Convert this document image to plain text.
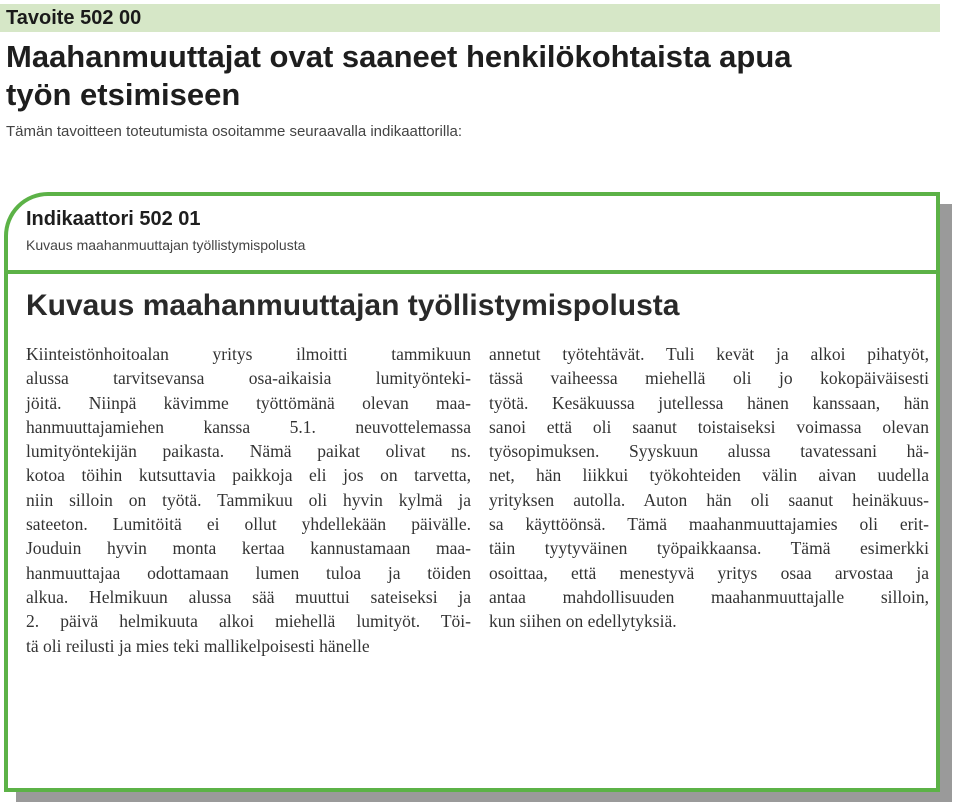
Tavoite 502 00
Maahanmuuttajat ovat saaneet henkilökohtaista apua
työn etsimiseen

Tämän tavoitteen toteutumista osoitamme seuraavalla indikaattorilla:

Indikaattori 502 01

Kuvaus maahanmuuttajan työllistymispolusta

Kuvaus maahanmuuttajan työllistymispolusta
Kiinteistönhoitoalan yritys ilmoitti tammikuun
alussa tarvitsevansa osa-aikaisia lumityönteki-
jöitä. Niinpä kävimme työttömänä olevan maa-
hanmuuttajamiehen kanssa 5.1. neuvottelemassa
lumityöntekijän paikasta. Nämä paikat olivat ns.
kotoa töihin kutsuttavia paikkoja eli jos on tarvetta,
niin silloin on työtä. Tammikuu oli hyvin kylmä ja
sateeton. Lumitöitä ei ollut yhdellekään päivälle.
Jouduin hyvin monta kertaa kannustamaan maa-
hanmuuttajaa odottamaan lumen tuloa ja töiden
alkua. Helmikuun alussa sää muuttui sateiseksi ja
2. päivä helmikuuta alkoi miehellä lumityöt. Töi-
tä oli reilusti ja mies teki mallikelpoisesti hänelle
annetut työtehtävät. Tuli kevät ja alkoi pihatyöt,
tässä vaiheessa miehellä oli jo kokopäiväisesti
työtä. Kesäkuussa jutellessa hänen kanssaan, hän
sanoi että oli saanut toistaiseksi voimassa olevan
työsopimuksen. Syyskuun alussa tavatessani hä-
net, hän liikkui työkohteiden välin aivan uudella
yrityksen autolla. Auton hän oli saanut heinäkuus-
sa käyttöönsä. Tämä maahanmuuttajamies oli erit-
täin tyytyväinen työpaikkaansa. Tämä esimerkki
osoittaa, että menestyvä yritys osaa arvostaa ja
antaa mahdollisuuden maahanmuuttajalle silloin,
kun siihen on edellytyksiä.
